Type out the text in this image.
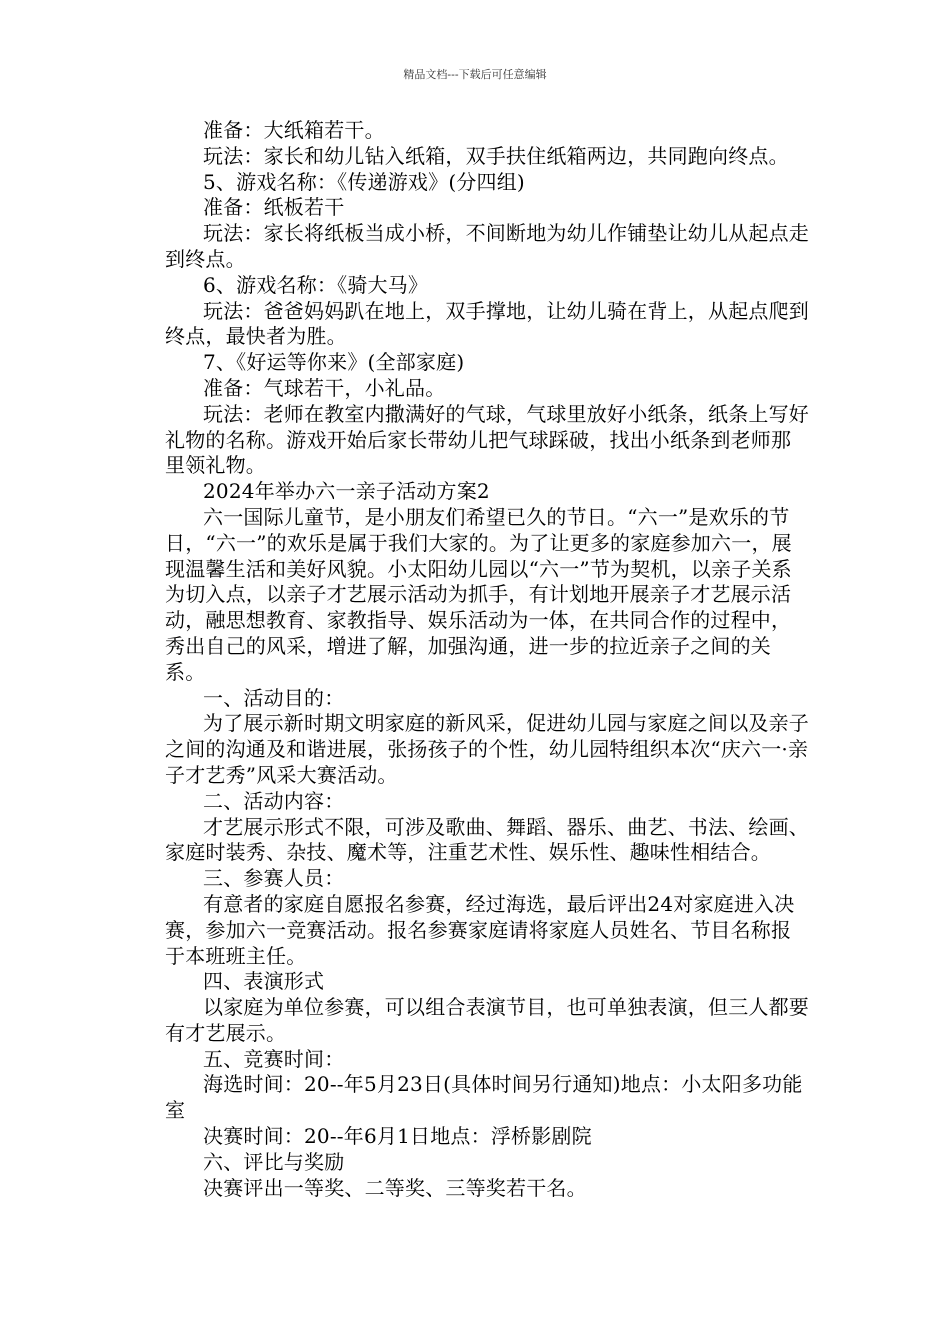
精品文档---下载后可任意编辑

准备：大纸箱若干。

玩法：家长和幼儿钻入纸箱，双手扶住纸箱两边，共同跑向终点。

5、游戏名称：《传递游戏》(分四组)

准备：纸板若干

玩法：家长将纸板当成小桥，不间断地为幼儿作铺垫让幼儿从起点走到终点。

6、游戏名称：《骑大马》

玩法：爸爸妈妈趴在地上，双手撑地，让幼儿骑在背上，从起点爬到终点，最快者为胜。

7、《好运等你来》(全部家庭)

准备：气球若干，小礼品。

玩法：老师在教室内撒满好的气球，气球里放好小纸条，纸条上写好礼物的名称。游戏开始后家长带幼儿把气球踩破，找出小纸条到老师那里领礼物。

2024年举办六一亲子活动方案2

六一国际儿童节，是小朋友们希望已久的节日。“六一”是欢乐的节日，“六一”的欢乐是属于我们大家的。为了让更多的家庭参加六一，展现温馨生活和美好风貌。小太阳幼儿园以“六一”节为契机，以亲子关系为切入点，以亲子才艺展示活动为抓手，有计划地开展亲子才艺展示活动，融思想教育、家教指导、娱乐活动为一体，在共同合作的过程中，秀出自己的风采，增进了解，加强沟通，进一步的拉近亲子之间的关系。

一、活动目的：

为了展示新时期文明家庭的新风采，促进幼儿园与家庭之间以及亲子之间的沟通及和谐进展，张扬孩子的个性，幼儿园特组织本次“庆六一·亲子才艺秀”风采大赛活动。

二、活动内容：

才艺展示形式不限，可涉及歌曲、舞蹈、器乐、曲艺、书法、绘画、家庭时装秀、杂技、魔术等，注重艺术性、娱乐性、趣味性相结合。

三、参赛人员：

有意者的家庭自愿报名参赛，经过海选，最后评出24对家庭进入决赛，参加六一竞赛活动。报名参赛家庭请将家庭人员姓名、节目名称报于本班班主任。

四、表演形式

以家庭为单位参赛，可以组合表演节目，也可单独表演，但三人都要有才艺展示。

五、竞赛时间：

海选时间：20--年5月23日(具体时间另行通知)地点：小太阳多功能室

决赛时间：20--年6月1日地点：浮桥影剧院

六、评比与奖励

决赛评出一等奖、二等奖、三等奖若干名。
